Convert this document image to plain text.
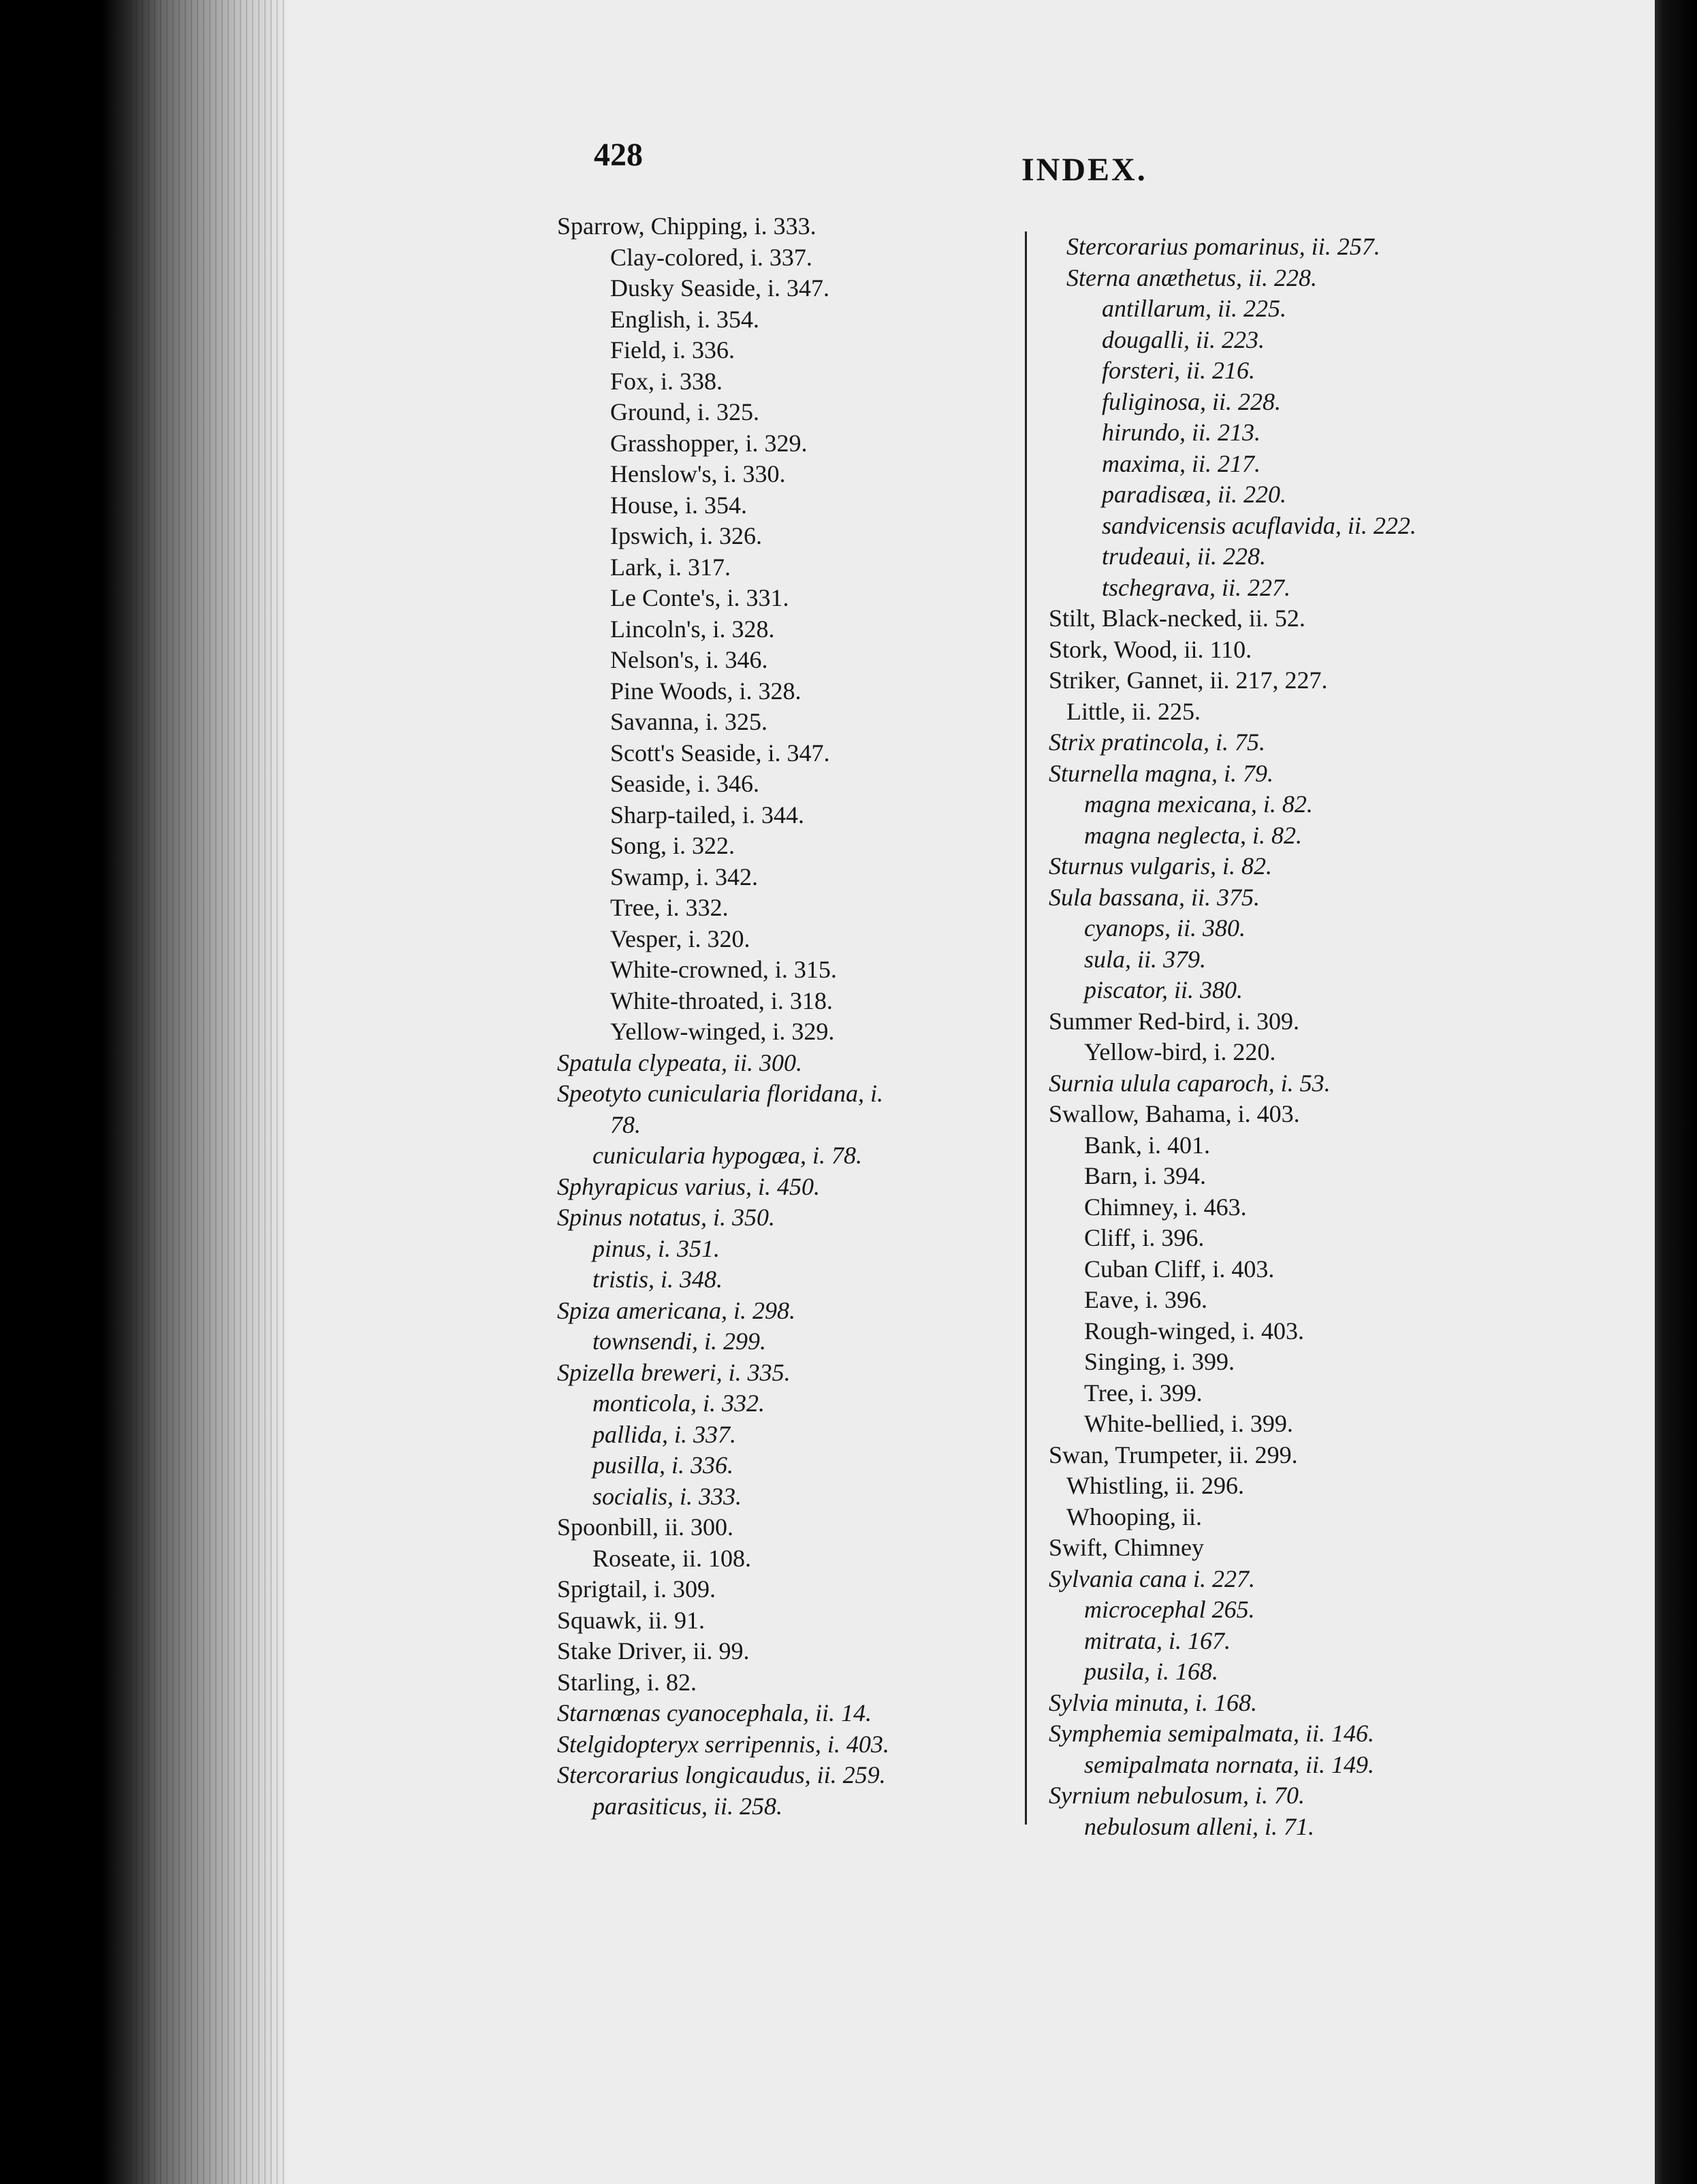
428	INDEX.
Sparrow, Chipping, i. 333.
Clay-colored, i. 337.
Dusky Seaside, i. 347.
English, i. 354.
Field, i. 336.
Fox, i. 338.
Ground, i. 325.
Grasshopper, i. 329.
Henslow's, i. 330.
House, i. 354.
Ipswich, i. 326.
Lark, i. 317.
Le Conte's, i. 331.
Lincoln's, i. 328.
Nelson's, i. 346.
Pine Woods, i. 328.
Savanna, i. 325.
Scott's Seaside, i. 347.
Seaside, i. 346.
Sharp-tailed, i. 344.
Song, i. 322.
Swamp, i. 342.
Tree, i. 332.
Vesper, i. 320.
White-crowned, i. 315.
White-throated, i. 318.
Yellow-winged, i. 329.
Spatula clypeata, ii. 300.
Speotyto cunicularia floridana, i.
78.
cunicularia hypogæa, i. 78.
Sphyrapicus varius, i. 450.
Spinus notatus, i. 350.
pinus, i. 351.
tristis, i. 348.
Spiza americana, i. 298.
townsendi, i. 299.
Spizella breweri, i. 335.
monticola, i. 332.
pallida, i. 337.
pusilla, i. 336.
socialis, i. 333.
Spoonbill, ii. 300.
Roseate, ii. 108.
Sprigtail, i. 309.
Squawk, ii. 91.
Stake Driver, ii. 99.
Starling, i. 82.
Starnœnas cyanocephala, ii. 14.
Stelgidopteryx serripennis, i. 403.
Stercorarius longicaudus, ii. 259.
parasiticus, ii. 258.
Stercorarius pomarinus, ii. 257.
Sterna anæthetus, ii. 228.
antillarum, ii. 225.
dougalli, ii. 223.
forsteri, ii. 216.
fuliginosa, ii. 228.
hirundo, ii. 213.
maxima, ii. 217.
paradisæa, ii. 220.
sandvicensis acuflavida, ii. 222.
trudeaui, ii. 228.
tschegrava, ii. 227.
Stilt, Black-necked, ii. 52.
Stork, Wood, ii. 110.
Striker, Gannet, ii. 217, 227.
Little, ii. 225.
Strix pratincola, i. 75.
Sturnella magna, i. 79.
magna mexicana, i. 82.
magna neglecta, i. 82.
Sturnus vulgaris, i. 82.
Sula bassana, ii. 375.
cyanops, ii. 380.
sula, ii. 379.
piscator, ii. 380.
Summer Red-bird, i. 309.
Yellow-bird, i. 220.
Surnia ulula caparoch, i. 53.
Swallow, Bahama, i. 403.
Bank, i. 401.
Barn, i. 394.
Chimney, i. 463.
Cliff, i. 396.
Cuban Cliff, i. 403.
Eave, i. 396.
Rough-winged, i. 403.
Singing, i. 399.
Tree, i. 399.
White-bellied, i. 399.
Swan, Trumpeter, ii. 299.
Whistling, ii. 296.
Whooping, ii.
Swift, Chimney
Sylvania cana i. 227.
microcephal 265.
mitrata, i. 167.
pusila, i. 168.
Sylvia minuta, i. 168.
Symphemia semipalmata, ii. 146.
semipalmata nornata, ii. 149.
Syrnium nebulosum, i. 70.
nebulosum alleni, i. 71.
